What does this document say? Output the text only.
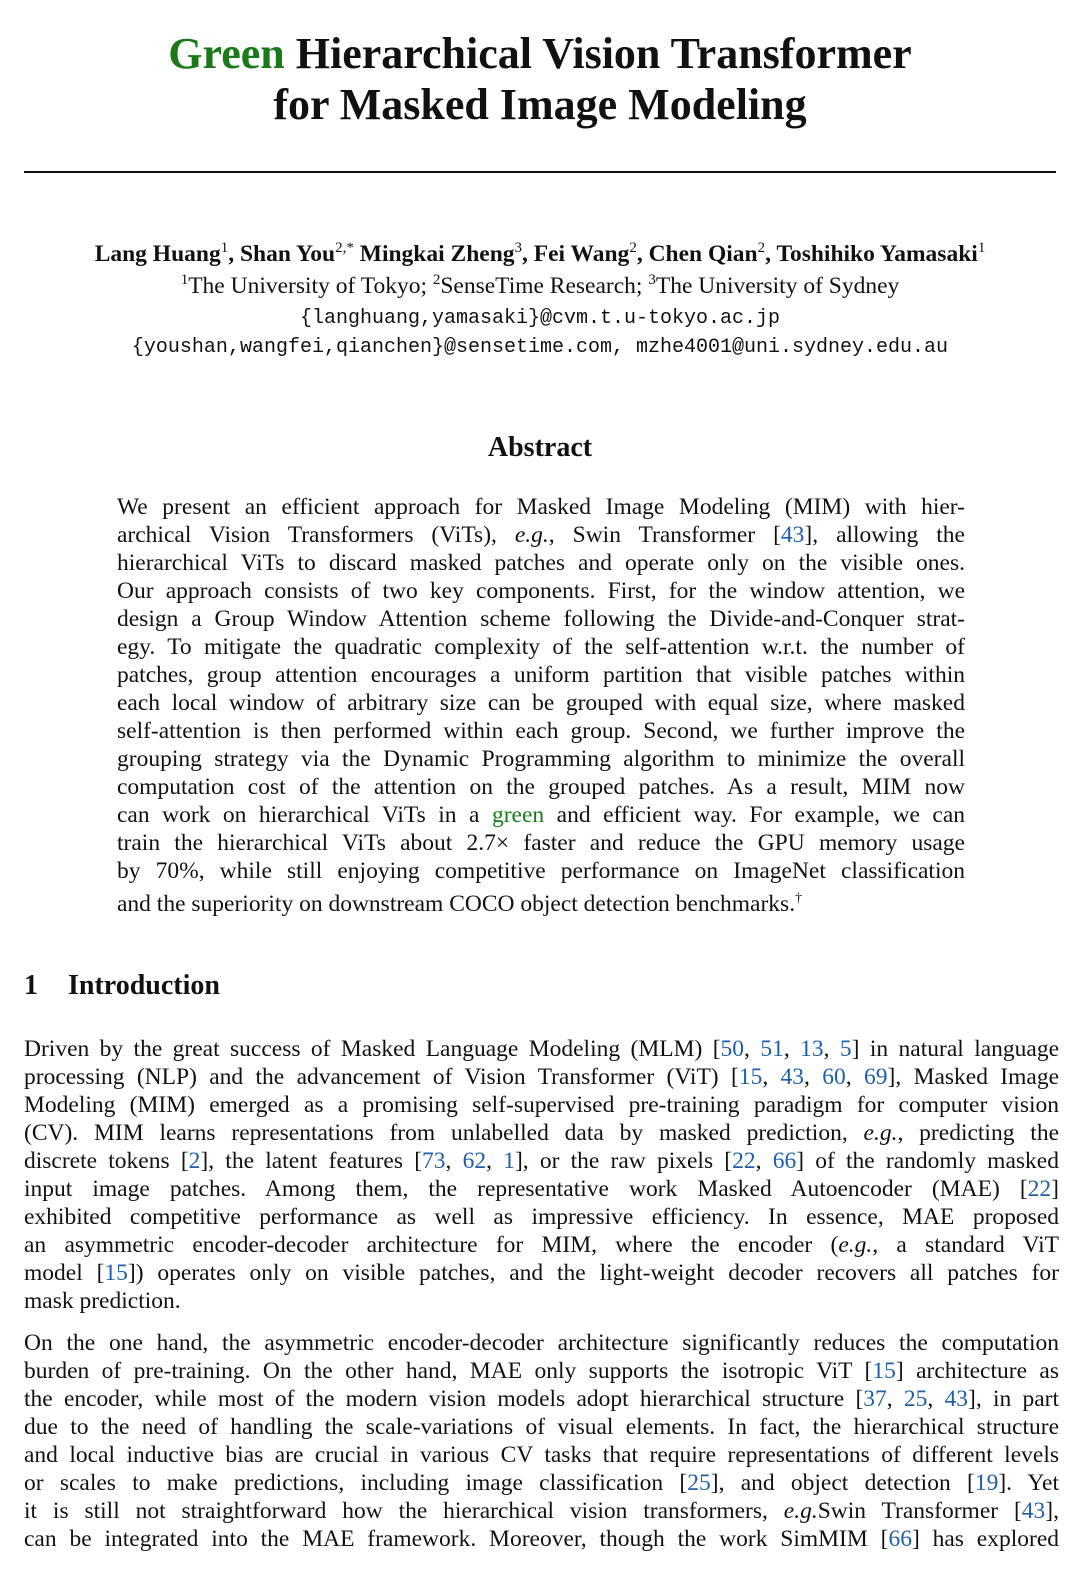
Green Hierarchical Vision Transformer
for Masked Image Modeling
Lang Huang$^1$, Shan You$^{2,*}$ Mingkai Zheng$^3$, Fei Wang$^2$, Chen Qian$^2$, Toshihiko Yamasaki$^1$
$^1$The University of Tokyo; $^2$SenseTime Research; $^3$The University of Sydney
{langhuang,yamasaki}@cvm.t.u-tokyo.ac.jp
{youshan,wangfei,qianchen}@sensetime.com, mzhe4001@uni.sydney.edu.au
Abstract
We present an efficient approach for Masked Image Modeling (MIM) with hier-
archical Vision Transformers (ViTs), e.g., Swin Transformer [43], allowing the
hierarchical ViTs to discard masked patches and operate only on the visible ones.
Our approach consists of two key components. First, for the window attention, we
design a Group Window Attention scheme following the Divide-and-Conquer strat-
egy. To mitigate the quadratic complexity of the self-attention w.r.t. the number of
patches, group attention encourages a uniform partition that visible patches within
each local window of arbitrary size can be grouped with equal size, where masked
self-attention is then performed within each group. Second, we further improve the
grouping strategy via the Dynamic Programming algorithm to minimize the overall
computation cost of the attention on the grouped patches. As a result, MIM now
can work on hierarchical ViTs in a green and efficient way. For example, we can
train the hierarchical ViTs about 2.7× faster and reduce the GPU memory usage
by 70%, while still enjoying competitive performance on ImageNet classification
and the superiority on downstream COCO object detection benchmarks.†
1 Introduction
Driven by the great success of Masked Language Modeling (MLM) [50, 51, 13, 5] in natural language
processing (NLP) and the advancement of Vision Transformer (ViT) [15, 43, 60, 69], Masked Image
Modeling (MIM) emerged as a promising self-supervised pre-training paradigm for computer vision
(CV). MIM learns representations from unlabelled data by masked prediction, e.g., predicting the
discrete tokens [2], the latent features [73, 62, 1], or the raw pixels [22, 66] of the randomly masked
input image patches. Among them, the representative work Masked Autoencoder (MAE) [22]
exhibited competitive performance as well as impressive efficiency. In essence, MAE proposed
an asymmetric encoder-decoder architecture for MIM, where the encoder (e.g., a standard ViT
model [15]) operates only on visible patches, and the light-weight decoder recovers all patches for
mask prediction.
On the one hand, the asymmetric encoder-decoder architecture significantly reduces the computation
burden of pre-training. On the other hand, MAE only supports the isotropic ViT [15] architecture as
the encoder, while most of the modern vision models adopt hierarchical structure [37, 25, 43], in part
due to the need of handling the scale-variations of visual elements. In fact, the hierarchical structure
and local inductive bias are crucial in various CV tasks that require representations of different levels
or scales to make predictions, including image classification [25], and object detection [19]. Yet
it is still not straightforward how the hierarchical vision transformers, e.g.Swin Transformer [43],
can be integrated into the MAE framework. Moreover, though the work SimMIM [66] has explored
